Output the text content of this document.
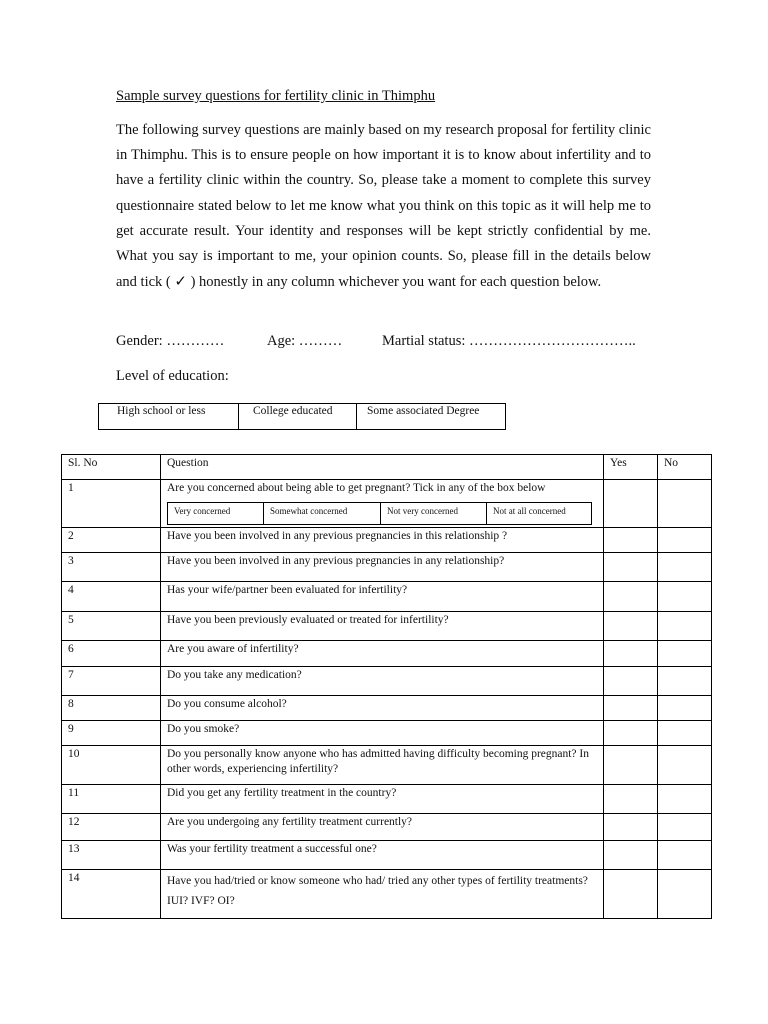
Sample survey questions for fertility clinic in Thimphu

The following survey questions are mainly based on my research proposal for fertility clinic in Thimphu. This is to ensure people on how important it is to know about infertility and to have a fertility clinic within the country. So, please take a moment to complete this survey questionnaire stated below to let me know what you think on this topic as it will help me to get accurate result. Your identity and responses will be kept strictly confidential by me. What you say is important to me, your opinion counts. So, please fill in the details below and tick ( ✓ ) honestly in any column whichever you want for each question below.

Gender: …………	Age: ………	Martial status: ……………………………..
Level of education:
High school or less	College educated	Some associated Degree
Sl. No	Question	Yes	No
1	Are you concerned about being able to get pregnant? Tick in any of the box below
Very concerned	Somewhat concerned	Not very concerned	Not at all concerned

2	Have you been involved in any previous pregnancies in this relationship ?		
3	Have you been involved in any previous pregnancies in any relationship?		
4	Has your wife/partner been evaluated for infertility?		
5	Have you been previously evaluated or treated for infertility?		
6	Are you aware of infertility?		
7	Do you take any medication?		
8	Do you consume alcohol?		
9	Do you smoke?		
10	Do you personally know anyone who has admitted having difficulty becoming pregnant? In other words, experiencing infertility?		
11	Did you get any fertility treatment in the country?		
12	Are you undergoing any fertility treatment currently?		
13	Was your fertility treatment a successful one?		
14	Have you had/tried or know someone who had/ tried any other types of fertility treatments? IUI? IVF? OI?		
